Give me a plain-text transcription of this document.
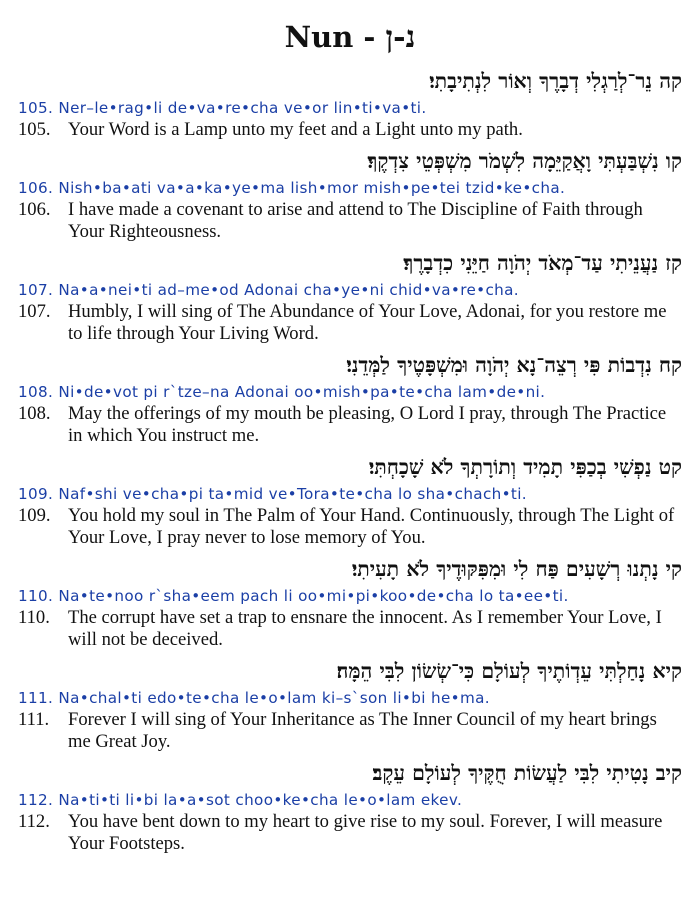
Nun - נ-ן
קה נֵר־לְרַגְלִי דְבָרֶךָ וְאוֹר לִנְתִיבָתִי׃
105. Ner–le•rag•li de•va•re•cha ve•or lin•ti•va•ti.
105. Your Word is a Lamp unto my feet and a Light unto my path.
קו נִשְׁבַּעְתִּי וָאֲקַיֵּמָה לִשְׁמֹר מִשְׁפְּטֵי צִדְקֶךָ׃
106. Nish•ba•ati va•a•ka•ye•ma lish•mor mish•pe•tei tzid•ke•cha.
106. I have made a covenant to arise and attend to The Discipline of Faith through Your Righteousness.
קז נַעֲנֵיתִי עַד־מְאֹד יְהֹוָה חַיֵּנִי כִדְבָרֶךָ׃
107. Na•a•nei•ti ad–me•od Adonai cha•ye•ni chid•va•re•cha.
107. Humbly, I will sing of The Abundance of Your Love, Adonai, for you restore me to life through Your Living Word.
קח נִדְבוֹת פִּי רְצֵה־נָא יְהֹוָה וּמִשְׁפָּטֶיךָ לַמְּדֵנִי׃
108. Ni•de•vot pi r`tze–na Adonai oo•mish•pa•te•cha lam•de•ni.
108. May the offerings of my mouth be pleasing, O Lord I pray, through The Practice in which You instruct me.
קט נַפְשִׁי בְכַפִּי תָמִיד וְתוֹרָתְךָ לֹא שָׁכָחְתִּי׃
109. Naf•shi ve•cha•pi ta•mid ve•Tora•te•cha lo sha•chach•ti.
109. You hold my soul in The Palm of Your Hand. Continuously, through The Light of Your Love, I pray never to lose memory of You.
קי נָתְנוּ רְשָׁעִים פַּח לִי וּמִפִּקּוּדֶיךָ לֹא תָעִיתִי׃
110. Na•te•noo r`sha•eem pach li oo•mi•pi•koo•de•cha lo ta•ee•ti.
110. The corrupt have set a trap to ensnare the innocent. As I remember Your Love, I will not be deceived.
קיא נָחַלְתִּי עֵדְוֹתֶיךָ לְעוֹלָם כִּי־שְׂשׂוֹן לִבִּי הֵמָּה׃
111. Na•chal•ti edo•te•cha le•o•lam ki–s`son li•bi he•ma.
111.	Forever I will sing of Your Inheritance as The Inner Council of my heart brings me Great Joy.
קיב נָטִיתִי לִבִּי לַעֲשׂוֹת חֻקֶּיךָ לְעוֹלָם עֵקֶב׃
112. Na•ti•ti li•bi la•a•sot choo•ke•cha le•o•lam ekev.
112. You have bent down to my heart to give rise to my soul. Forever, I will measure Your Footsteps.
